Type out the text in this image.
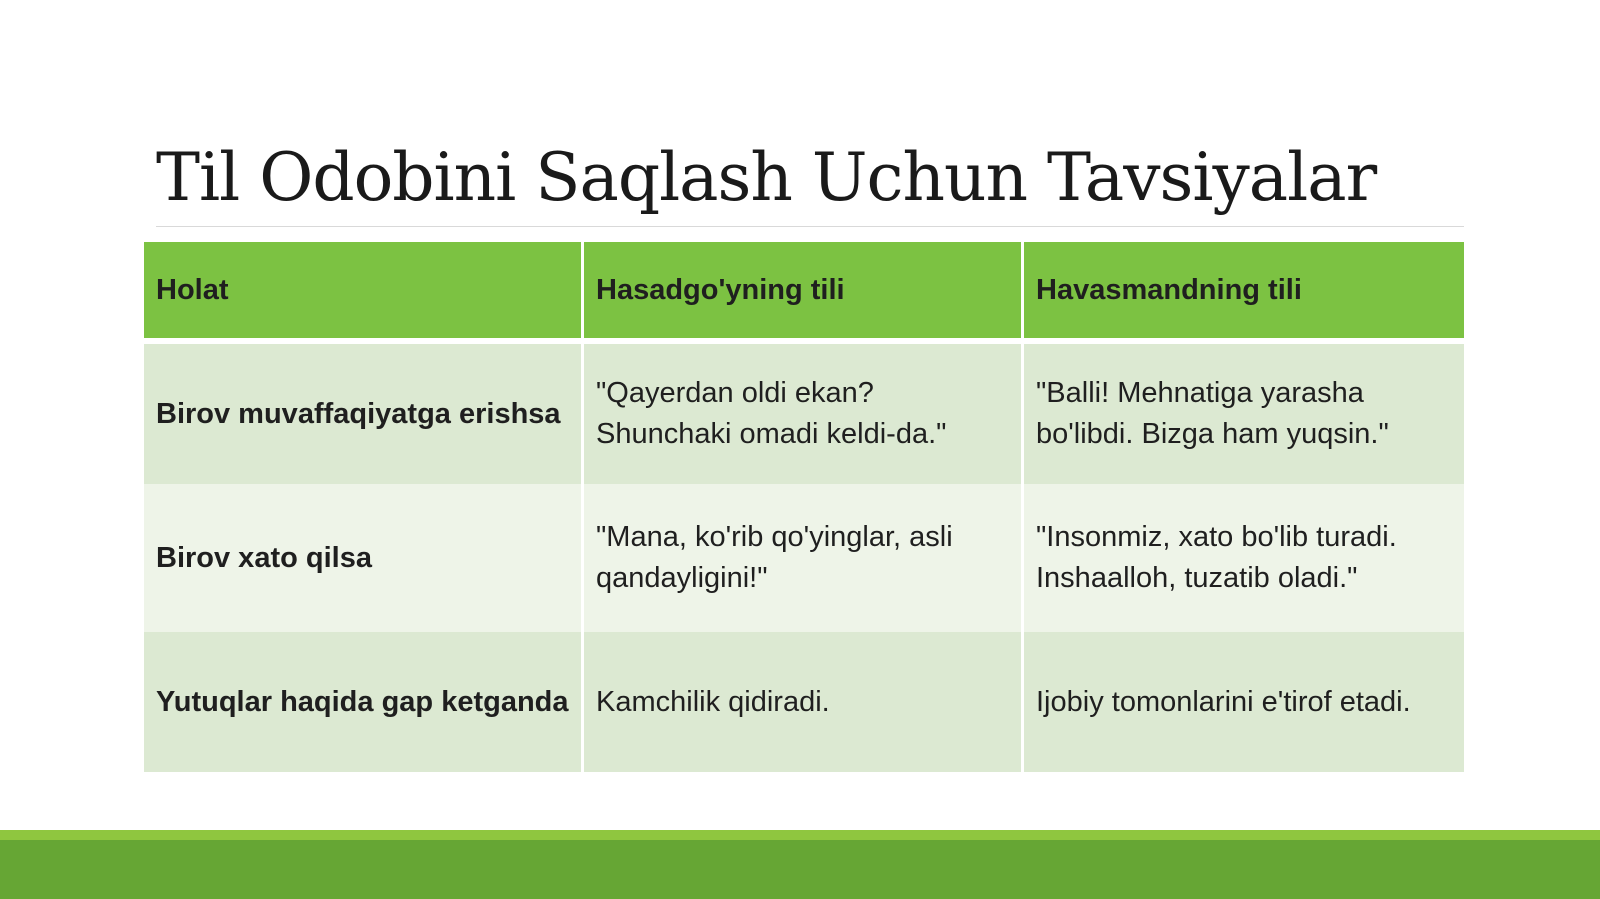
Til Odobini Saqlash Uchun Tavsiyalar
Holat	Hasadgo'yning tili	Havasmandning tili
Birov muvaffaqiyatga erishsa	"Qayerdan oldi ekan? Shunchaki omadi keldi-da."	"Balli! Mehnatiga yarasha bo'libdi. Bizga ham yuqsin."
Birov xato qilsa	"Mana, ko'rib qo'yinglar, asli qandayligini!"	"Insonmiz, xato bo'lib turadi. Inshaalloh, tuzatib oladi."
Yutuqlar haqida gap ketganda	Kamchilik qidiradi.	Ijobiy tomonlarini e'tirof etadi.
